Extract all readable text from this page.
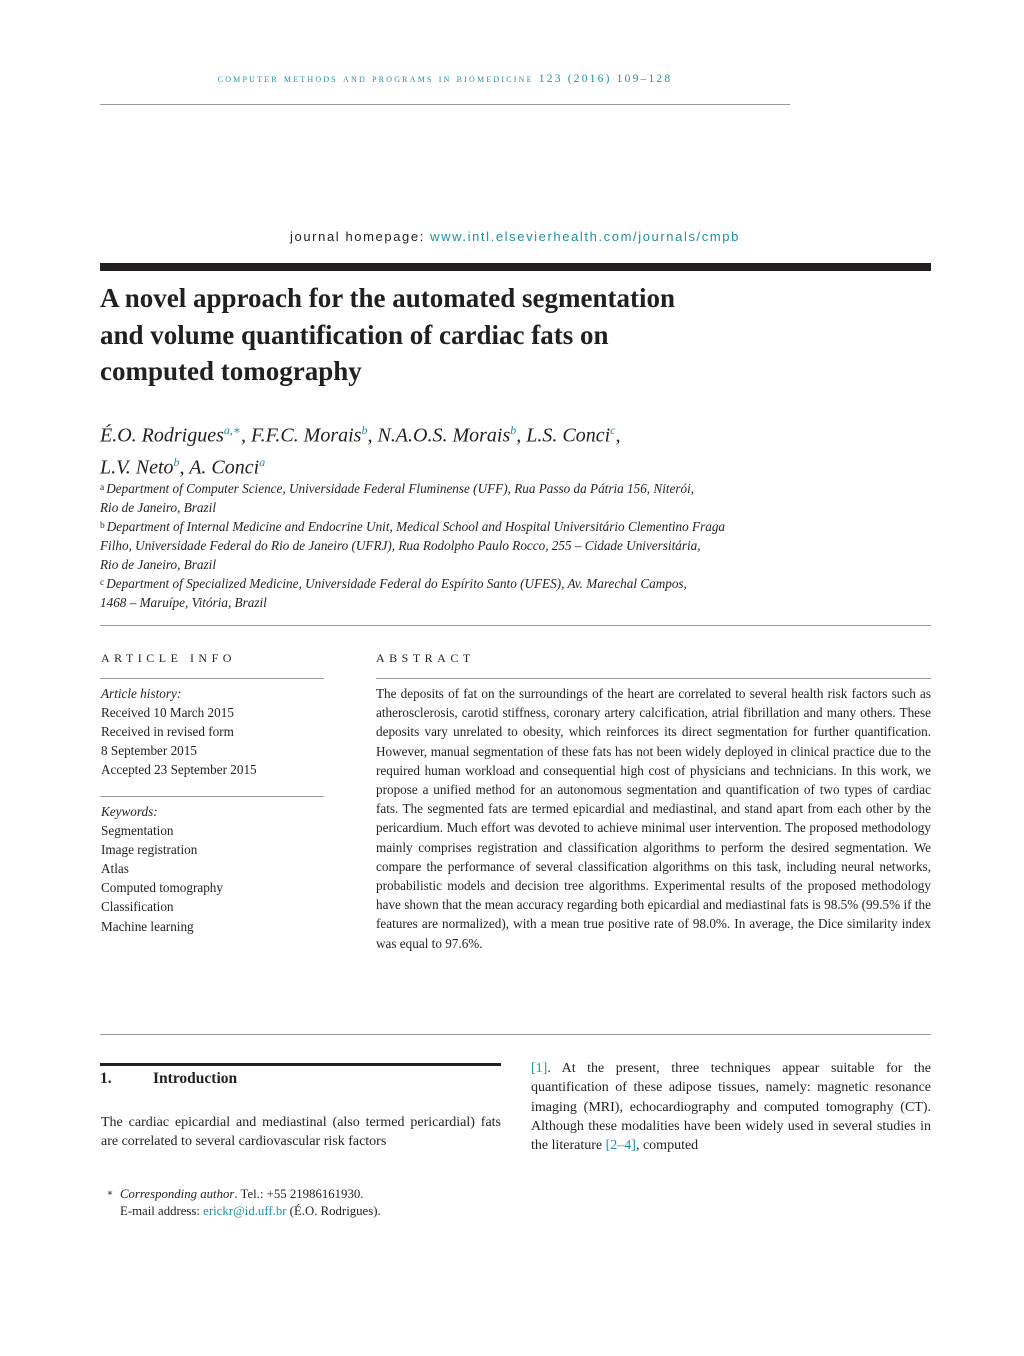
computer methods and programs in biomedicine 123 (2016) 109–128
journal homepage: www.intl.elsevierhealth.com/journals/cmpb
A novel approach for the automated segmentation
and volume quantification of cardiac fats on
computed tomography
É.O. Rodrigues$^{a,∗}$, F.F.C. Morais$^b$, N.A.O.S. Morais$^b$, L.S. Conci$^c$,
L.V. Neto$^b$, A. Conci$^a$
$^a$ Department of Computer Science, Universidade Federal Fluminense (UFF), Rua Passo da Pátria 156, Niterói,
Rio de Janeiro, Brazil
$^b$ Department of Internal Medicine and Endocrine Unit, Medical School and Hospital Universitário Clementino Fraga
Filho, Universidade Federal do Rio de Janeiro (UFRJ), Rua Rodolpho Paulo Rocco, 255 – Cidade Universitária,
Rio de Janeiro, Brazil
$^c$ Department of Specialized Medicine, Universidade Federal do Espírito Santo (UFES), Av. Marechal Campos,
1468 – Maruípe, Vitória, Brazil
ARTICLE INFO
Article history:
Received 10 March 2015
Received in revised form
8 September 2015
Accepted 23 September 2015
Keywords:
Segmentation
Image registration
Atlas
Computed tomography
Classification
Machine learning
ABSTRACT
The deposits of fat on the surroundings of the heart are correlated to several health risk factors such as atherosclerosis, carotid stiffness, coronary artery calcification, atrial fibrillation and many others. These deposits vary unrelated to obesity, which reinforces its direct segmentation for further quantification. However, manual segmentation of these fats has not been widely deployed in clinical practice due to the required human workload and consequential high cost of physicians and technicians. In this work, we propose a unified method for an autonomous segmentation and quantification of two types of cardiac fats. The segmented fats are termed epicardial and mediastinal, and stand apart from each other by the pericardium. Much effort was devoted to achieve minimal user intervention. The proposed methodology mainly comprises registration and classification algorithms to perform the desired segmentation. We compare the performance of several classification algorithms on this task, including neural networks, probabilistic models and decision tree algorithms. Experimental results of the proposed methodology have shown that the mean accuracy regarding both epicardial and mediastinal fats is 98.5% (99.5% if the features are normalized), with a mean true positive rate of 98.0%. In average, the Dice similarity index was equal to 97.6%.
1.	Introduction
The cardiac epicardial and mediastinal (also termed pericardial) fats are correlated to several cardiovascular risk factors
[1]. At the present, three techniques appear suitable for the quantification of these adipose tissues, namely: magnetic resonance imaging (MRI), echocardiography and computed tomography (CT). Although these modalities have been widely used in several studies in the literature [2–4], computed
∗ Corresponding author. Tel.: +55 21986161930.
E-mail address: erickr@id.uff.br (É.O. Rodrigues).
